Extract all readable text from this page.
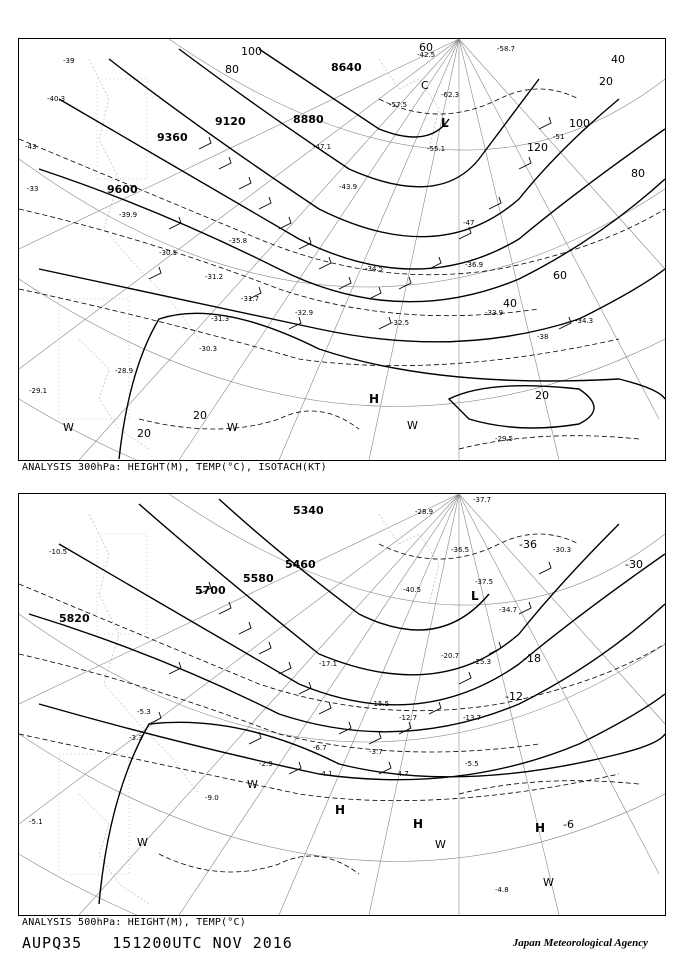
9600
9360
9120	8880
8640
100
80
60
40
20
120
100
80
60
40
20
20
20
H
W
W
W
L
C
-39
-40.3
-43
-33
-33.9
-34.3
-31.2
-31.7
-32.9
-31.3
-30.3
-28.9
-29.1
-29.5
-32.5
-35.8
-34.5
-43.9
-47.1	-55.1
-58.7
-62.3
-57.5
-42.5
-47
-51
-39.9
-36.9
-38
-30.1
ANALYSIS 300hPa: HEIGHT(M), TEMP(°C), ISOTACH(KT)
5820
5700
5580
5460
5340
-30
-18
-12
-6
-36
H
H	H
L
W
W
W
W
-37.7
-36.5	-30.3
-28.9
-10.5
-5.3
-4.7
-5.1
-5.5
-3.7
-4.1
-2.9
-4.8
-12.7
-17.1	-25.3
-34.7
-37.5
-40.5
-13.7
-15.5
-20.7
-6.7
-3.3
-9.0
ANALYSIS 500hPa: HEIGHT(M), TEMP(°C)
AUPQ35 151200UTC NOV 2016	Japan Meteorological Agency
